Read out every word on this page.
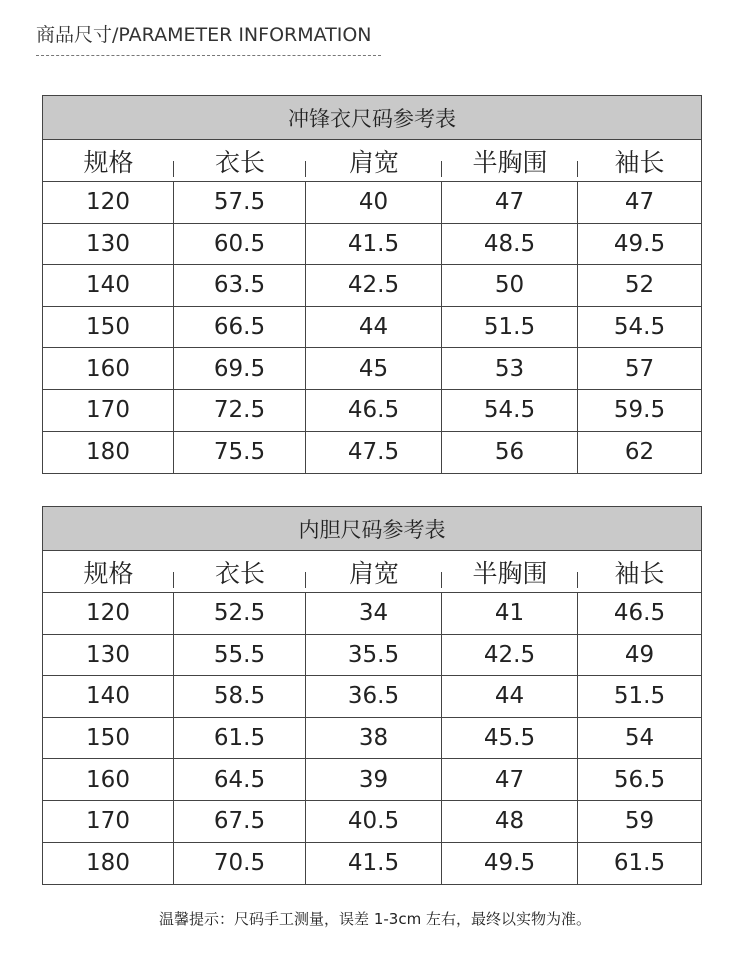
商品尺寸/PARAMETER INFORMATION
冲锋衣尺码参考表
规格	衣长	肩宽	半胸围	袖长
120	57.5	40	47	47
130	60.5	41.5	48.5	49.5
140	63.5	42.5	50	52
150	66.5	44	51.5	54.5
160	69.5	45	53	57
170	72.5	46.5	54.5	59.5
180	75.5	47.5	56	62
内胆尺码参考表
规格	衣长	肩宽	半胸围	袖长
120	52.5	34	41	46.5
130	55.5	35.5	42.5	49
140	58.5	36.5	44	51.5
150	61.5	38	45.5	54
160	64.5	39	47	56.5
170	67.5	40.5	48	59
180	70.5	41.5	49.5	61.5
温馨提示：尺码手工测量，误差 1-3cm 左右，最终以实物为准。
